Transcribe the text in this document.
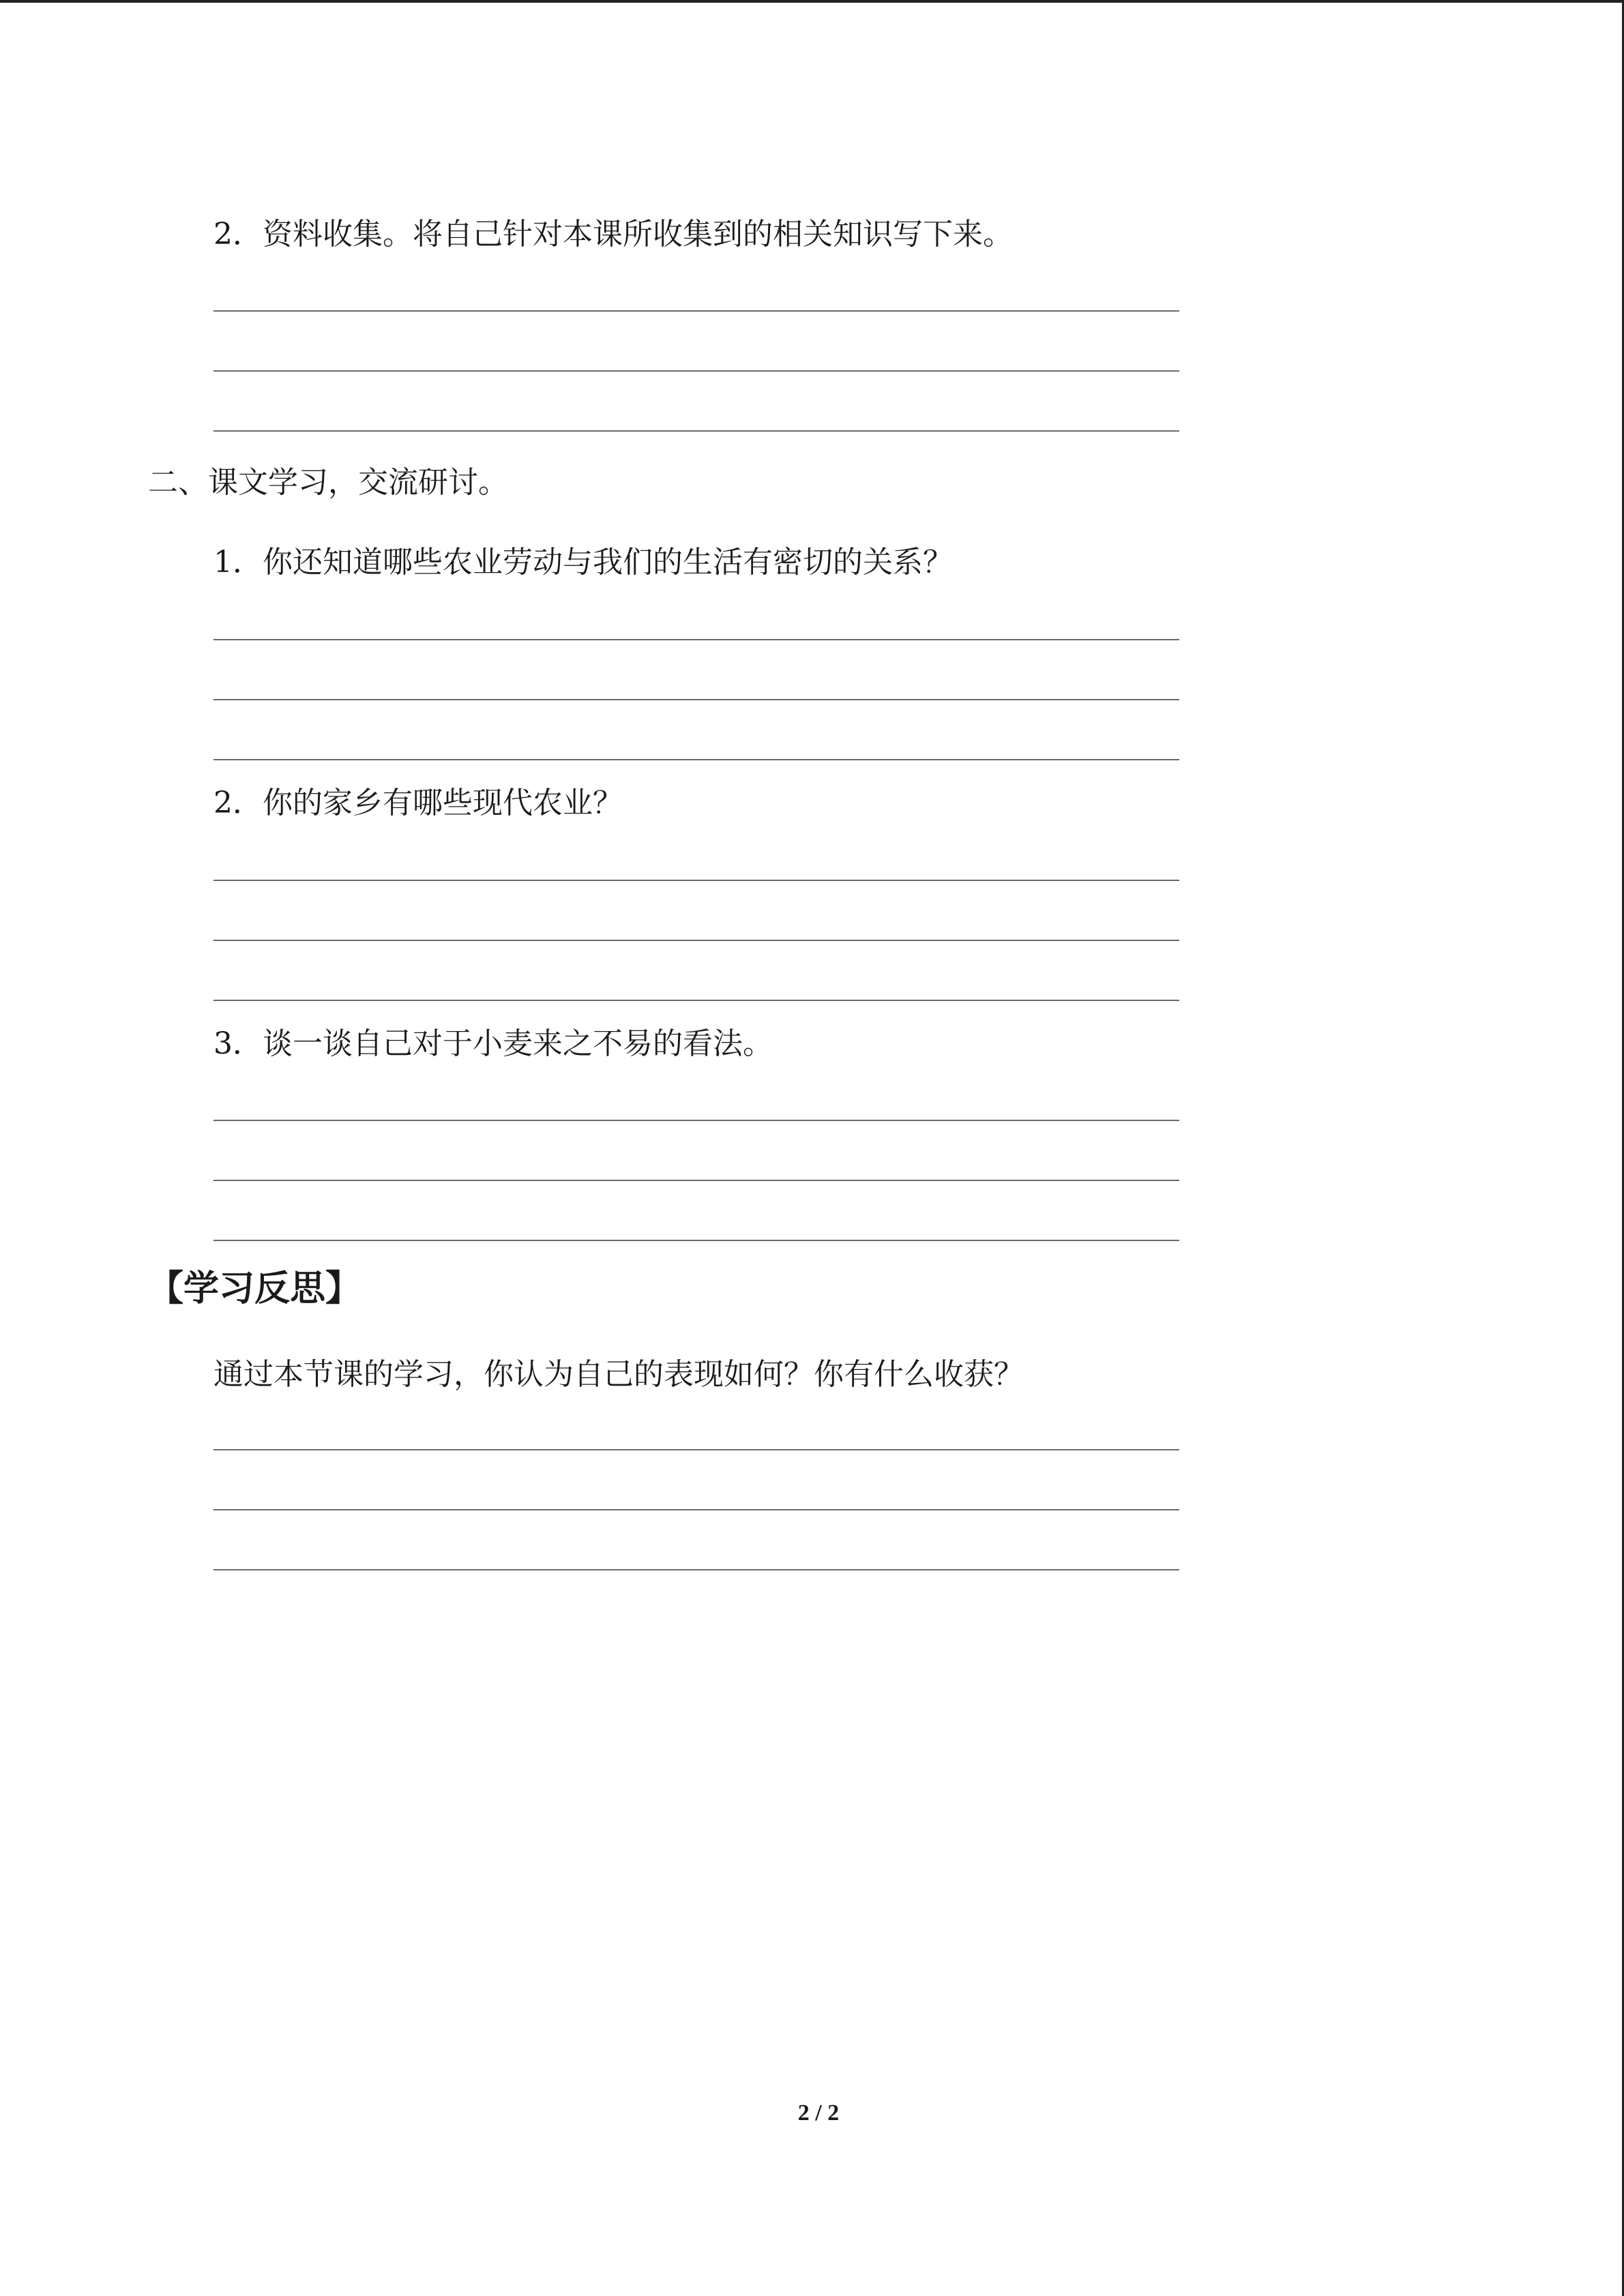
2．资料收集。将自己针对本课所收集到的相关知识写下来。
二、课文学习，交流研讨。
1．你还知道哪些农业劳动与我们的生活有密切的关系？
2．你的家乡有哪些现代农业？
3．谈一谈自己对于小麦来之不易的看法。
【学习反思】
通过本节课的学习，你认为自己的表现如何？你有什么收获？
2 / 2
